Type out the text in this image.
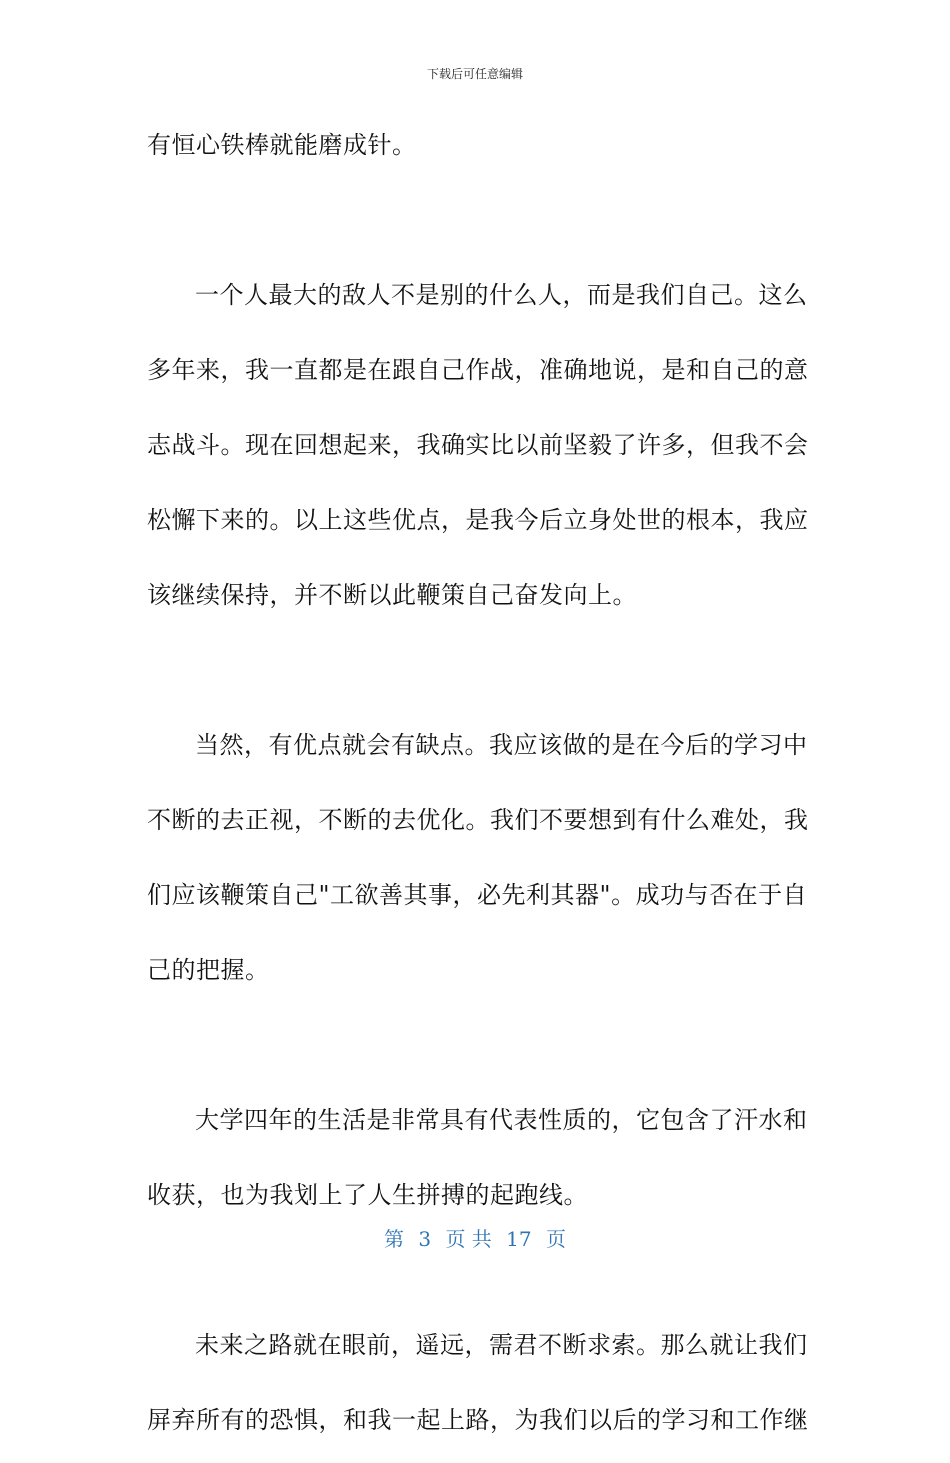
下载后可任意编辑
有恒心铁棒就能磨成针。
一个人最大的敌人不是别的什么人，而是我们自己。这么
多年来，我一直都是在跟自己作战，准确地说，是和自己的意
志战斗。现在回想起来，我确实比以前坚毅了许多，但我不会
松懈下来的。以上这些优点，是我今后立身处世的根本，我应
该继续保持，并不断以此鞭策自己奋发向上。
当然，有优点就会有缺点。我应该做的是在今后的学习中
不断的去正视，不断的去优化。我们不要想到有什么难处，我
们应该鞭策自己"工欲善其事，必先利其器"。成功与否在于自
己的把握。
大学四年的生活是非常具有代表性质的，它包含了汗水和
收获，也为我划上了人生拼搏的起跑线。
未来之路就在眼前，遥远，需君不断求索。那么就让我们
屏弃所有的恐惧，和我一起上路，为我们以后的学习和工作继
第 3 页 共 17 页
